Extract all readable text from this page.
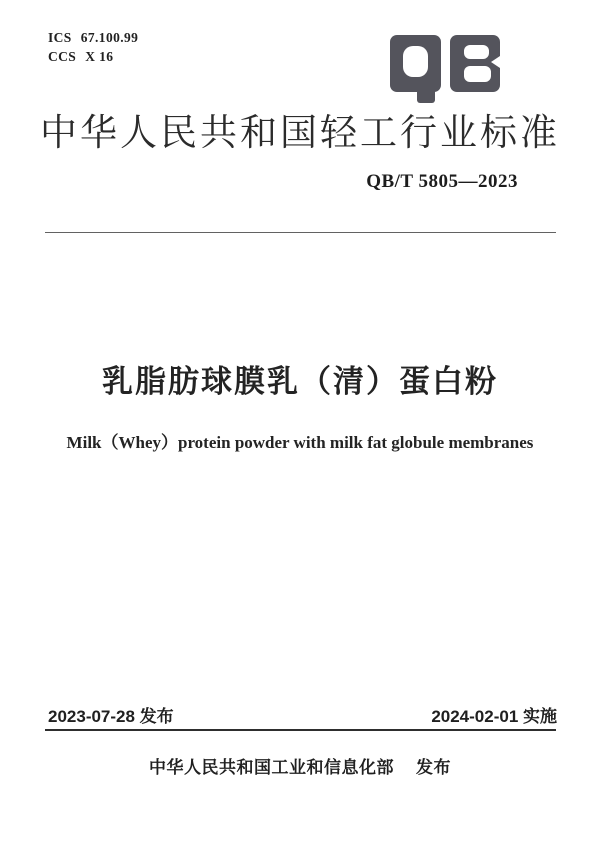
ICS 67.100.99
CCS X 16
中华人民共和国轻工行业标准
QB/T 5805—2023
乳脂肪球膜乳（清）蛋白粉
Milk（Whey）protein powder with milk fat globule membranes
2023-07-28 发布	2024-02-01 实施
中华人民共和国工业和信息化部 发布
